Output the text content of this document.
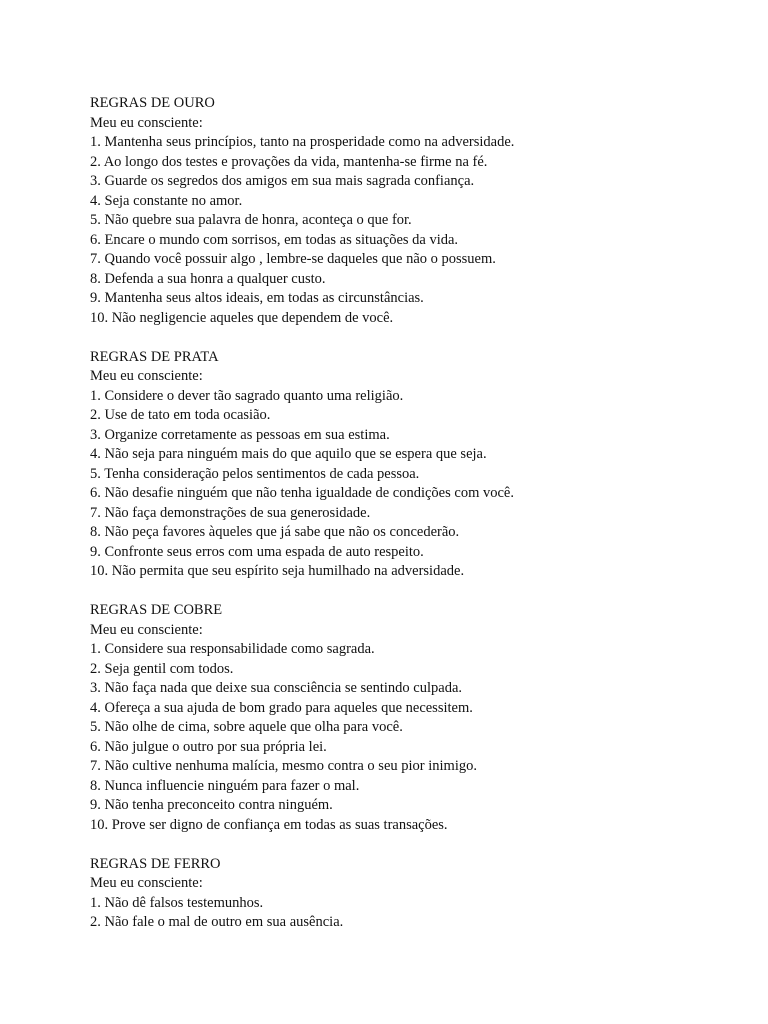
REGRAS DE OURO
Meu eu consciente:
1. Mantenha seus princípios, tanto na prosperidade como na adversidade.
2. Ao longo dos testes e provações da vida, mantenha-se firme na fé.
3. Guarde os segredos dos amigos em sua mais sagrada confiança.
4. Seja constante no amor.
5. Não quebre sua palavra de honra, aconteça o que for.
6. Encare o mundo com sorrisos, em todas as situações da vida.
7. Quando você possuir algo , lembre-se daqueles que não o possuem.
8. Defenda a sua honra a qualquer custo.
9. Mantenha seus altos ideais, em todas as circunstâncias.
10. Não negligencie aqueles que dependem de você.
REGRAS DE PRATA
Meu eu consciente:
1. Considere o dever tão sagrado quanto uma religião.
2. Use de tato em toda ocasião.
3. Organize corretamente as pessoas em sua estima.
4. Não seja para ninguém mais do que aquilo que se espera que seja.
5. Tenha consideração pelos sentimentos de cada pessoa.
6. Não desafie ninguém que não tenha igualdade de condições com você.
7. Não faça demonstrações de sua generosidade.
8. Não peça favores àqueles que já sabe que não os concederão.
9. Confronte seus erros com uma espada de auto respeito.
10. Não permita que seu espírito seja humilhado na adversidade.
REGRAS DE COBRE
Meu eu consciente:
1. Considere sua responsabilidade como sagrada.
2. Seja gentil com todos.
3. Não faça nada que deixe sua consciência se sentindo culpada.
4. Ofereça a sua ajuda de bom grado para aqueles que necessitem.
5. Não olhe de cima, sobre aquele que olha para você.
6. Não julgue o outro por sua própria lei.
7. Não cultive nenhuma malícia, mesmo contra o seu pior inimigo.
8. Nunca influencie ninguém para fazer o mal.
9. Não tenha preconceito contra ninguém.
10. Prove ser digno de confiança em todas as suas transações.
REGRAS DE FERRO
Meu eu consciente:
1. Não dê falsos testemunhos.
2. Não fale o mal de outro em sua ausência.
